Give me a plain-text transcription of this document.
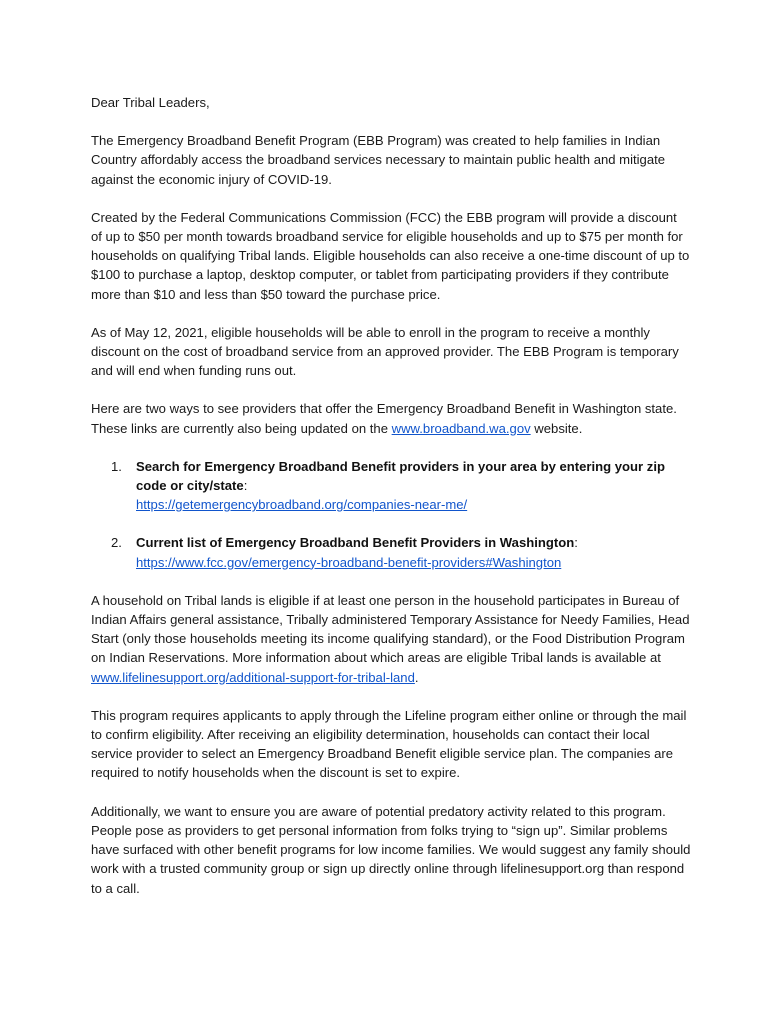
Dear Tribal Leaders,

The Emergency Broadband Benefit Program (EBB Program) was created to help families in Indian Country affordably access the broadband services necessary to maintain public health and mitigate against the economic injury of COVID-19.

Created by the Federal Communications Commission (FCC) the EBB program will provide a discount of up to $50 per month towards broadband service for eligible households and up to $75 per month for households on qualifying Tribal lands. Eligible households can also receive a one-time discount of up to $100 to purchase a laptop, desktop computer, or tablet from participating providers if they contribute more than $10 and less than $50 toward the purchase price.

As of May 12, 2021, eligible households will be able to enroll in the program to receive a monthly discount on the cost of broadband service from an approved provider. The EBB Program is temporary and will end when funding runs out.

Here are two ways to see providers that offer the Emergency Broadband Benefit in Washington state. These links are currently also being updated on the www.broadband.wa.gov website.

1. Search for Emergency Broadband Benefit providers in your area by entering your zip code or city/state:
https://getemergencybroadband.org/companies-near-me/
2. Current list of Emergency Broadband Benefit Providers in Washington:
https://www.fcc.gov/emergency-broadband-benefit-providers#Washington

A household on Tribal lands is eligible if at least one person in the household participates in Bureau of Indian Affairs general assistance, Tribally administered Temporary Assistance for Needy Families, Head Start (only those households meeting its income qualifying standard), or the Food Distribution Program on Indian Reservations. More information about which areas are eligible Tribal lands is available at www.lifelinesupport.org/additional-support-for-tribal-land.

This program requires applicants to apply through the Lifeline program either online or through the mail to confirm eligibility. After receiving an eligibility determination, households can contact their local service provider to select an Emergency Broadband Benefit eligible service plan. The companies are required to notify households when the discount is set to expire.

Additionally, we want to ensure you are aware of potential predatory activity related to this program. People pose as providers to get personal information from folks trying to “sign up”. Similar problems have surfaced with other benefit programs for low income families. We would suggest any family should work with a trusted community group or sign up directly online through lifelinesupport.org than respond to a call.
